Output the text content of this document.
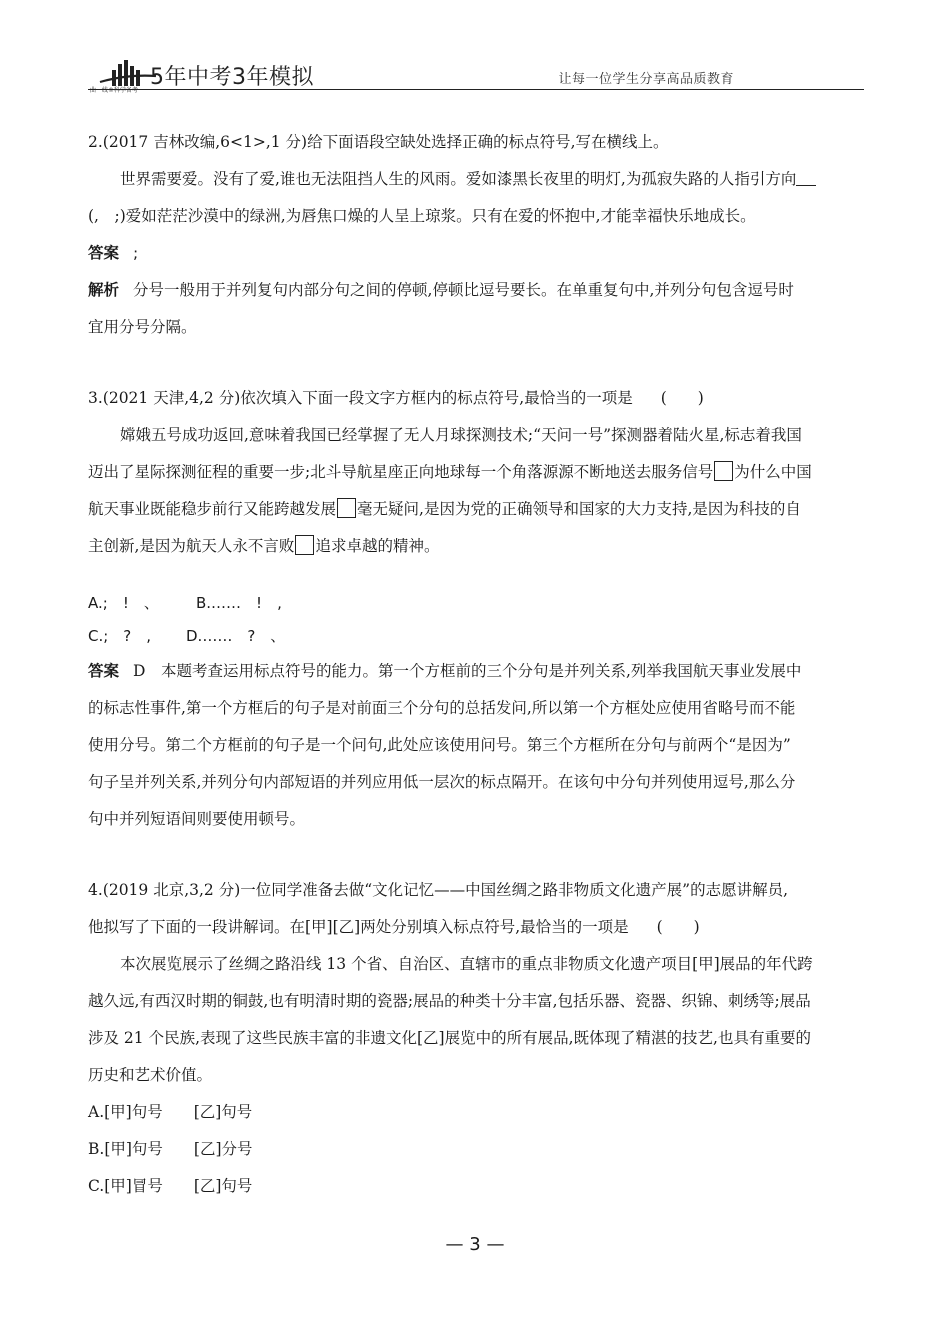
曲一线®科学备考
5年中考3年模拟	让每一位学生分享高品质教育

2.(2017 吉林改编,6<1>,1 分)给下面语段空缺处选择正确的标点符号,写在横线上。

世界需要爱。没有了爱,谁也无法阻挡人生的风雨。爱如漆黑长夜里的明灯,为孤寂失路的人指引方向

(,　;)爱如茫茫沙漠中的绿洲,为唇焦口燥的人呈上琼浆。只有在爱的怀抱中,才能幸福快乐地成长。

答案 ;

解析 分号一般用于并列复句内部分句之间的停顿,停顿比逗号要长。在单重复句中,并列分句包含逗号时

宜用分号分隔。

3.(2021 天津,4,2 分)依次填入下面一段文字方框内的标点符号,最恰当的一项是 (　　)

嫦娥五号成功返回,意味着我国已经掌握了无人月球探测技术;“天问一号”探测器着陆火星,标志着我国

迈出了星际探测征程的重要一步;北斗导航星座正向地球每一个角落源源不断地送去服务信号 为什么中国

航天事业既能稳步前行又能跨越发展 毫无疑问,是因为党的正确领导和国家的大力支持,是因为科技的自

主创新,是因为航天人永不言败 追求卓越的精神。

A.;　!　、 B.……　!　,

C.;　?　, D.……　?　、

答案 D　本题考查运用标点符号的能力。第一个方框前的三个分句是并列关系,列举我国航天事业发展中

的标志性事件,第一个方框后的句子是对前面三个分句的总括发问,所以第一个方框处应使用省略号而不能

使用分号。第二个方框前的句子是一个问句,此处应该使用问号。第三个方框所在分句与前两个“是因为”

句子呈并列关系,并列分句内部短语的并列应用低一层次的标点隔开。在该句中分句并列使用逗号,那么分

句中并列短语间则要使用顿号。

4.(2019 北京,3,2 分)一位同学准备去做“文化记忆——中国丝绸之路非物质文化遗产展”的志愿讲解员,

他拟写了下面的一段讲解词。在[甲][乙]两处分别填入标点符号,最恰当的一项是 (　　)

本次展览展示了丝绸之路沿线 13 个省、自治区、直辖市的重点非物质文化遗产项目[甲]展品的年代跨

越久远,有西汉时期的铜鼓,也有明清时期的瓷器;展品的种类十分丰富,包括乐器、瓷器、织锦、刺绣等;展品

涉及 21 个民族,表现了这些民族丰富的非遗文化[乙]展览中的所有展品,既体现了精湛的技艺,也具有重要的

历史和艺术价值。

A.[甲]句号　　[乙]句号

B.[甲]句号　　[乙]分号

C.[甲]冒号　　[乙]句号

— 3 —
